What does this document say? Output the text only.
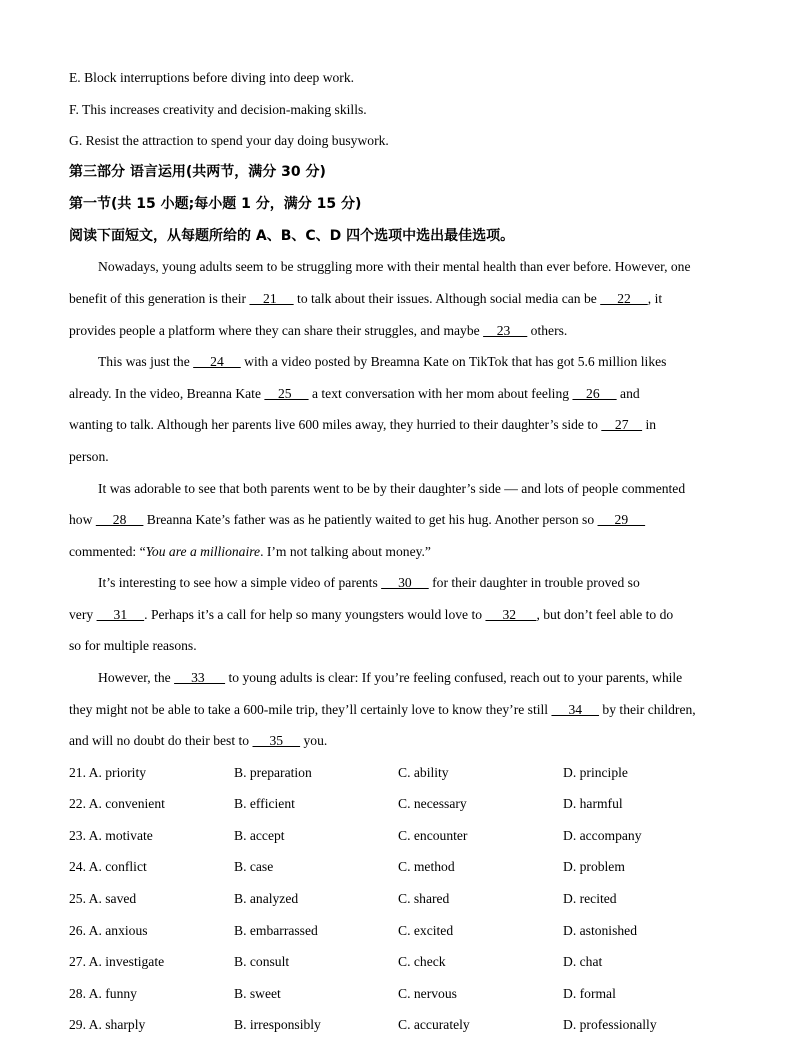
E. Block interruptions before diving into deep work.
F. This increases creativity and decision-making skills.
G. Resist the attraction to spend your day doing busywork.
第三部分 语言运用(共两节，满分 30 分)
第一节(共 15 小题;每小题 1 分，满分 15 分)
阅读下面短文，从每题所给的 A、B、C、D 四个选项中选出最佳选项。
Nowadays, young adults seem to be struggling more with their mental health than ever before. However, one
benefit of this generation is their     21      to talk about their issues. Although social media can be      22     , it
provides people a platform where they can share their struggles, and maybe     23      others.
This was just the      24      with a video posted by Breamna Kate on TikTok that has got 5.6 million likes
already. In the video, Breanna Kate     25      a text conversation with her mom about feeling     26      and
wanting to talk. Although her parents live 600 miles away, they hurried to their daughter’s side to     27     in
person.
It was adorable to see that both parents went to be by their daughter’s side — and lots of people commented
how      28      Breanna Kate’s father was as he patiently waited to get his hug. Another person so      29
commented: “You are a millionaire. I’m not talking about money.”
It’s interesting to see how a simple video of parents      30      for their daughter in trouble proved so
very      31     . Perhaps it’s a call for help so many youngsters would love to      32      , but don’t feel able to do
so for multiple reasons.
However, the      33       to young adults is clear: If you’re feeling confused, reach out to your parents, while
they might not be able to take a 600-mile trip, they’ll certainly love to know they’re still      34      by their children,
and will no doubt do their best to      35      you.
21. A. priority	B. preparation	C. ability	D. principle
22. A. convenient	B. efficient	C. necessary	D. harmful
23. A. motivate	B. accept	C. encounter	D. accompany
24. A. conflict	B. case	C. method	D. problem
25. A. saved	B. analyzed	C. shared	D. recited
26. A. anxious	B. embarrassed	C. excited	D. astonished
27. A. investigate	B. consult	C. check	D. chat
28. A. funny	B. sweet	C. nervous	D. formal
29. A. sharply	B. irresponsibly	C. accurately	D. professionally
